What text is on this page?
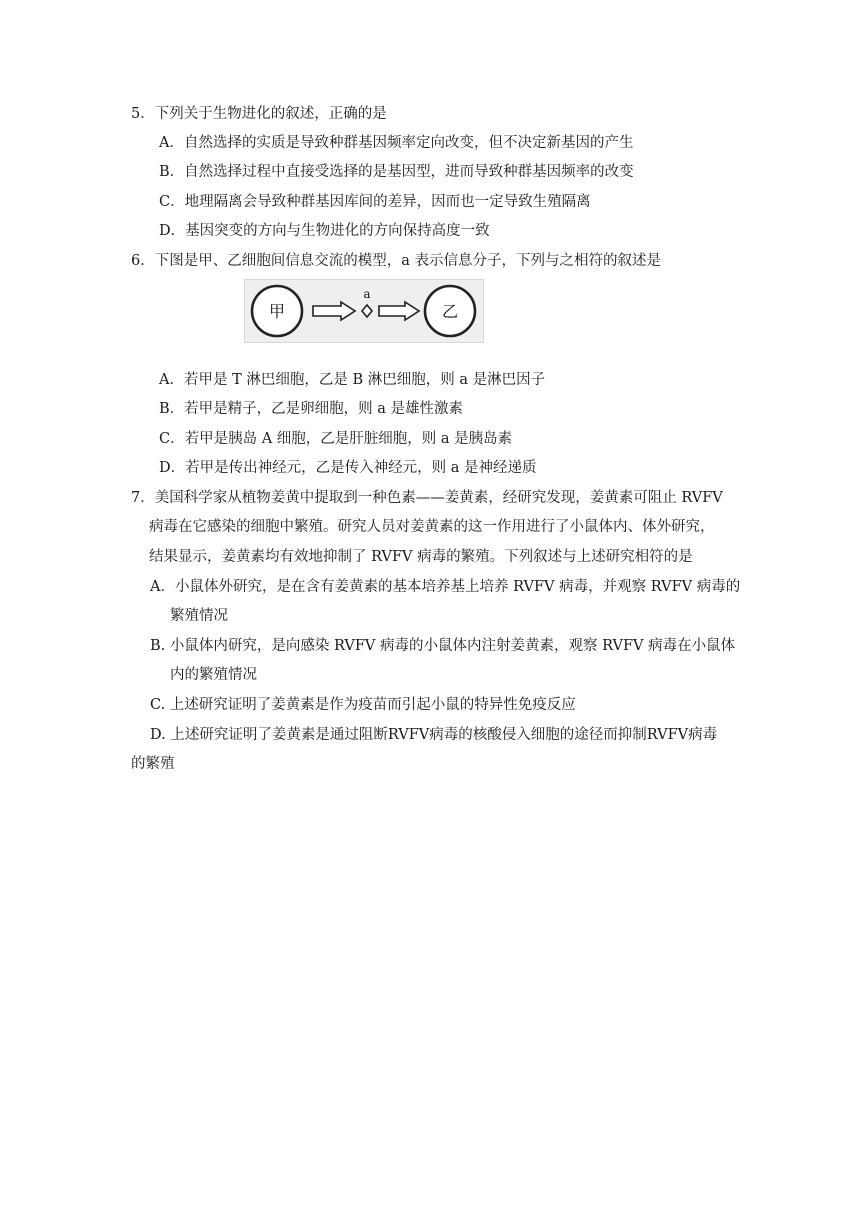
5．下列关于生物进化的叙述，正确的是
A．自然选择的实质是导致种群基因频率定向改变，但不决定新基因的产生
B．自然选择过程中直接受选择的是基因型，进而导致种群基因频率的改变
C．地理隔离会导致种群基因库间的差异，因而也一定导致生殖隔离
D．基因突变的方向与生物进化的方向保持高度一致
6．下图是甲、乙细胞间信息交流的模型，a 表示信息分子，下列与之相符的叙述是
甲
a
乙
A．若甲是 T 淋巴细胞，乙是 B 淋巴细胞，则 a 是淋巴因子
B．若甲是精子，乙是卵细胞，则 a 是雄性激素
C．若甲是胰岛 A 细胞，乙是肝脏细胞，则 a 是胰岛素
D．若甲是传出神经元，乙是传入神经元，则 a 是神经递质
7．美国科学家从植物姜黄中提取到一种色素——姜黄素，经研究发现，姜黄素可阻止 RVFV
病毒在它感染的细胞中繁殖。研究人员对姜黄素的这一作用进行了小鼠体内、体外研究，
结果显示，姜黄素均有效地抑制了 RVFV 病毒的繁殖。下列叙述与上述研究相符的是
A．小鼠体外研究，是在含有姜黄素的基本培养基上培养 RVFV 病毒，并观察 RVFV 病毒的
繁殖情况
B. 小鼠体内研究，是向感染 RVFV 病毒的小鼠体内注射姜黄素，观察 RVFV 病毒在小鼠体
内的繁殖情况
C. 上述研究证明了姜黄素是作为疫苗而引起小鼠的特异性免疫反应
D. 上述研究证明了姜黄素是通过阻断RVFV病毒的核酸侵入细胞的途径而抑制RVFV病毒
的繁殖
